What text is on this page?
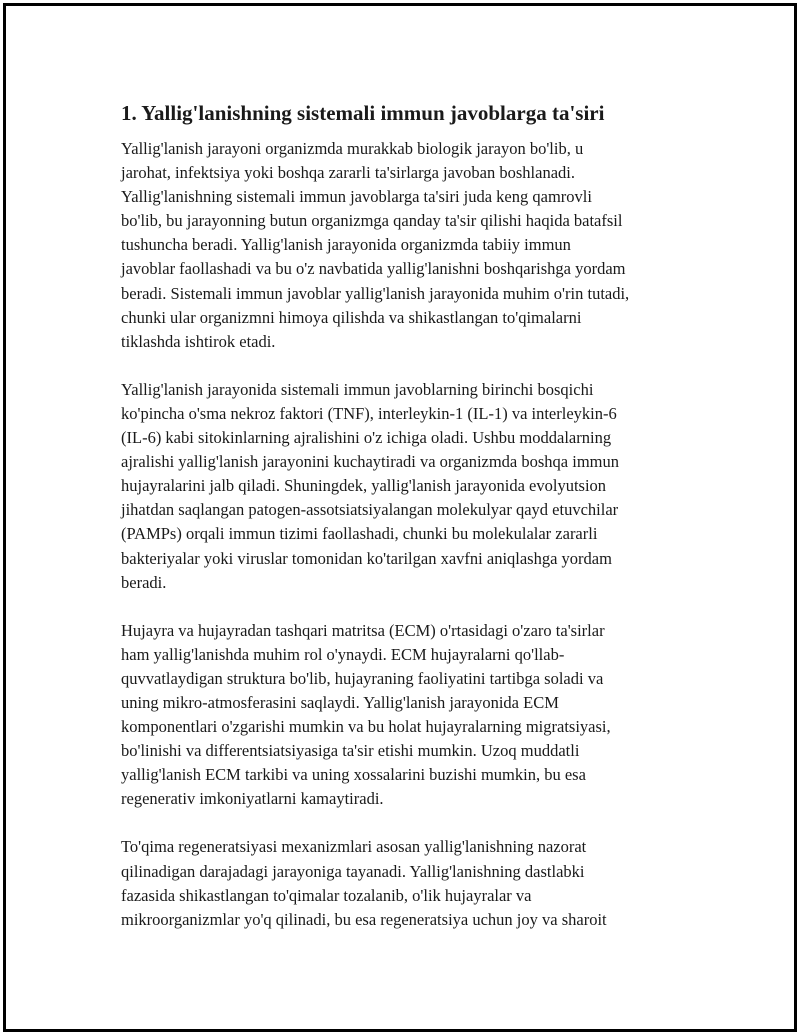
1. Yallig'lanishning sistemali immun javoblarga ta'siri

Yallig'lanish jarayoni organizmda murakkab biologik jarayon bo'lib, u
jarohat, infektsiya yoki boshqa zararli ta'sirlarga javoban boshlanadi.
Yallig'lanishning sistemali immun javoblarga ta'siri juda keng qamrovli
bo'lib, bu jarayonning butun organizmga qanday ta'sir qilishi haqida batafsil
tushuncha beradi. Yallig'lanish jarayonida organizmda tabiiy immun
javoblar faollashadi va bu o'z navbatida yallig'lanishni boshqarishga yordam
beradi. Sistemali immun javoblar yallig'lanish jarayonida muhim o'rin tutadi,
chunki ular organizmni himoya qilishda va shikastlangan to'qimalarni
tiklashda ishtirok etadi.

Yallig'lanish jarayonida sistemali immun javoblarning birinchi bosqichi
ko'pincha o'sma nekroz faktori (TNF), interleykin-1 (IL-1) va interleykin-6
(IL-6) kabi sitokinlarning ajralishini o'z ichiga oladi. Ushbu moddalarning
ajralishi yallig'lanish jarayonini kuchaytiradi va organizmda boshqa immun
hujayralarini jalb qiladi. Shuningdek, yallig'lanish jarayonida evolyutsion
jihatdan saqlangan patogen-assotsiatsiyalangan molekulyar qayd etuvchilar
(PAMPs) orqali immun tizimi faollashadi, chunki bu molekulalar zararli
bakteriyalar yoki viruslar tomonidan ko'tarilgan xavfni aniqlashga yordam
beradi.

Hujayra va hujayradan tashqari matritsa (ECM) o'rtasidagi o'zaro ta'sirlar
ham yallig'lanishda muhim rol o'ynaydi. ECM hujayralarni qo'llab-
quvvatlaydigan struktura bo'lib, hujayraning faoliyatini tartibga soladi va
uning mikro-atmosferasini saqlaydi. Yallig'lanish jarayonida ECM
komponentlari o'zgarishi mumkin va bu holat hujayralarning migratsiyasi,
bo'linishi va differentsiatsiyasiga ta'sir etishi mumkin. Uzoq muddatli
yallig'lanish ECM tarkibi va uning xossalarini buzishi mumkin, bu esa
regenerativ imkoniyatlarni kamaytiradi.

To'qima regeneratsiyasi mexanizmlari asosan yallig'lanishning nazorat
qilinadigan darajadagi jarayoniga tayanadi. Yallig'lanishning dastlabki
fazasida shikastlangan to'qimalar tozalanib, o'lik hujayralar va
mikroorganizmlar yo'q qilinadi, bu esa regeneratsiya uchun joy va sharoit
